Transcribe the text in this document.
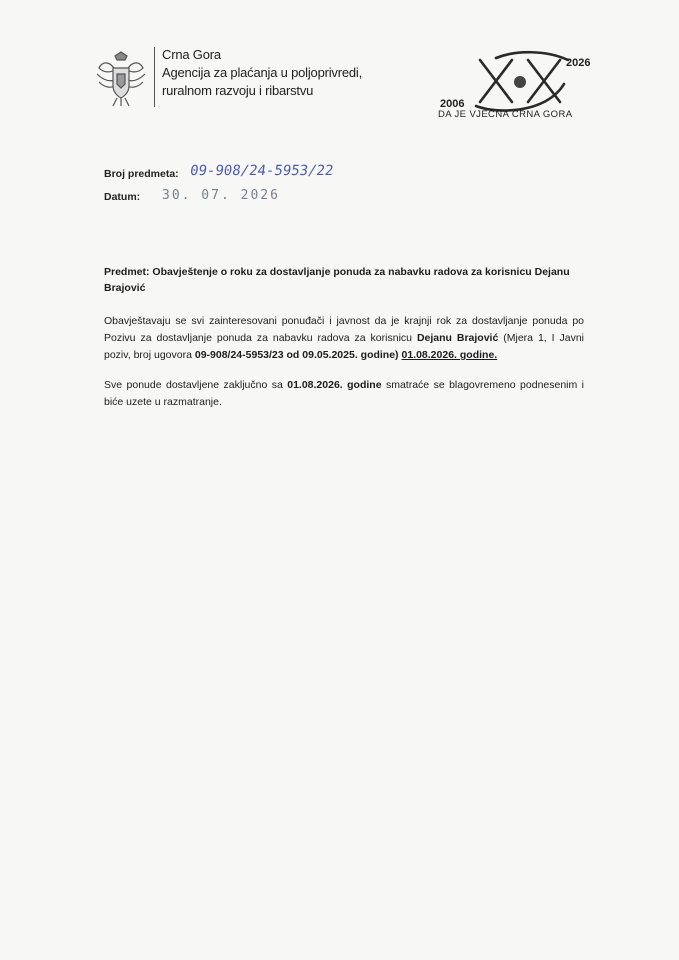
Crna Gora
Agencija za plaćanja u poljoprivredi,
ruralnom razvoju i ribarstvu
2026
2006
DA JE VJEČNA CRNA GORA
Broj predmeta: 09-908/24-5953/22
Datum: 30. 07. 2026
Predmet: Obavještenje o roku za dostavljanje ponuda za nabavku radova za korisnicu Dejanu Brajović
Obavještavaju se svi zainteresovani ponuđači i javnost da je krajnji rok za dostavljanje ponuda po Pozivu za dostavljanje ponuda za nabavku radova za korisnicu Dejanu Brajović (Mjera 1, I Javni poziv, broj ugovora 09-908/24-5953/23 od 09.05.2025. godine) 01.08.2026. godine.
Sve ponude dostavljene zaključno sa 01.08.2026. godine smatraće se blagovremeno podnesenim i biće uzete u razmatranje.
